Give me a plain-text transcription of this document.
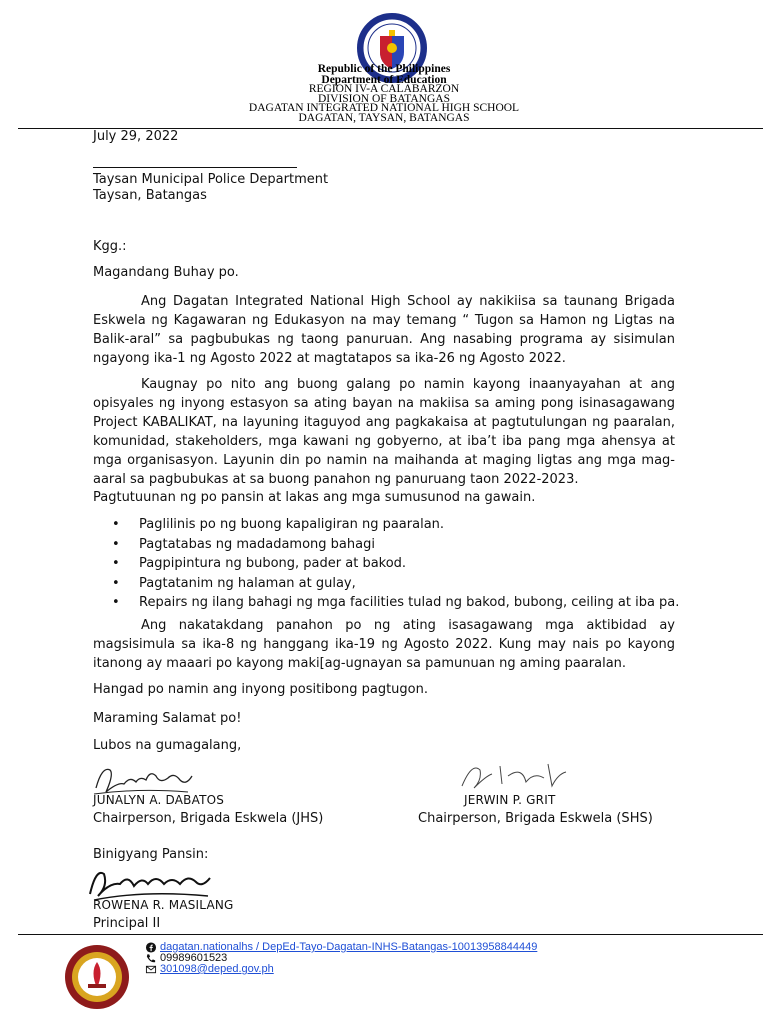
Republic of the Philippines
Department of Education
REGION IV-A CALABARZON
DIVISION OF BATANGAS
DAGATAN INTEGRATED NATIONAL HIGH SCHOOL
DAGATAN, TAYSAN, BATANGAS
July 29, 2022
Taysan Municipal Police Department
Taysan, Batangas
Kgg.:
Magandang Buhay po.

Ang Dagatan Integrated National High School ay nakikiisa sa taunang Brigada Eskwela ng Kagawaran ng Edukasyon na may temang “ Tugon sa Hamon ng Ligtas na Balik-aral” sa pagbubukas ng taong panuruan. Ang nasabing programa ay sisimulan ngayong ika-1 ng Agosto 2022 at magtatapos sa ika-26 ng Agosto 2022.

Kaugnay po nito ang buong galang po namin kayong inaanyayahan at ang opisyales ng inyong estasyon sa ating bayan na makiisa sa aming pong isinasagawang Project KABALIKAT, na layuning itaguyod ang pagkakaisa at pagtutulungan ng paaralan, komunidad, stakeholders, mga kawani ng gobyerno, at iba’t iba pang mga ahensya at mga organisasyon. Layunin din po namin na maihanda at maging ligtas ang mga mag-aaral sa pagbubukas at sa buong panahon ng panuruang taon 2022-2023.

Pagtutuunan ng po pansin at lakas ang mga sumusunod na gawain.
• Paglilinis po ng buong kapaligiran ng paaralan.
• Pagtatabas ng madadamong bahagi
• Pagpipintura ng bubong, pader at bakod.
• Pagtatanim ng halaman at gulay,
• Repairs ng ilang bahagi ng mga facilities tulad ng bakod, bubong, ceiling at iba pa.

Ang nakatakdang panahon po ng ating isasagawang mga aktibidad ay magsisimula sa ika-8 ng hanggang ika-19 ng Agosto 2022. Kung may nais po kayong itanong ay maaari po kayong maki[ag-ugnayan sa pamunuan ng aming paaralan.

Hangad po namin ang inyong positibong pagtugon.
Maraming Salamat po!
Lubos na gumagalang,
JUNALYN A. DABATOS
Chairperson, Brigada Eskwela (JHS)
JERWIN P. GRIT
Chairperson, Brigada Eskwela (SHS)
Binigyang Pansin:
ROWENA R. MASILANG
Principal II
dagatan.nationalhs / DepEd-Tayo-Dagatan-INHS-Batangas-10013958844449
09989601523
301098@deped.gov.ph
